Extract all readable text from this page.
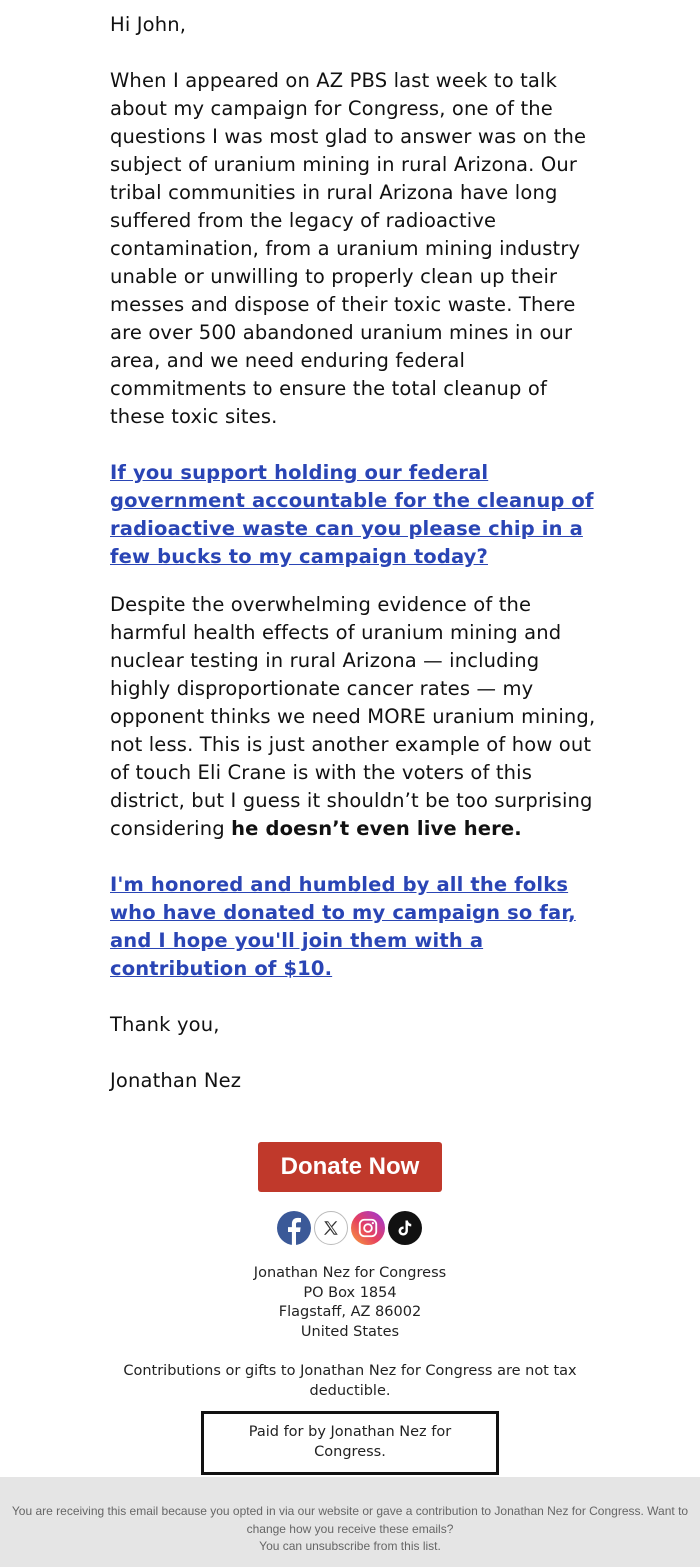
Hi John,

When I appeared on AZ PBS last week to talk about my campaign for Congress, one of the questions I was most glad to answer was on the subject of uranium mining in rural Arizona. Our tribal communities in rural Arizona have long suffered from the legacy of radioactive contamination, from a uranium mining industry unable or unwilling to properly clean up their messes and dispose of their toxic waste. There are over 500 abandoned uranium mines in our area, and we need enduring federal commitments to ensure the total cleanup of these toxic sites.

If you support holding our federal government accountable for the cleanup of radioactive waste can you please chip in a few bucks to my campaign today?

Despite the overwhelming evidence of the harmful health effects of uranium mining and nuclear testing in rural Arizona — including highly disproportionate cancer rates — my opponent thinks we need MORE uranium mining, not less. This is just another example of how out of touch Eli Crane is with the voters of this district, but I guess it shouldn’t be too surprising considering he doesn’t even live here.

I'm honored and humbled by all the folks who have donated to my campaign so far, and I hope you'll join them with a contribution of $10.

Thank you,

Jonathan Nez

Donate Now
Jonathan Nez for Congress
PO Box 1854
Flagstaff, AZ 86002
United States
Contributions or gifts to Jonathan Nez for Congress are not tax deductible.
Paid for by Jonathan Nez for Congress.
You are receiving this email because you opted in via our website or gave a contribution to Jonathan Nez for Congress. Want to change how you receive these emails?
You can unsubscribe from this list.
